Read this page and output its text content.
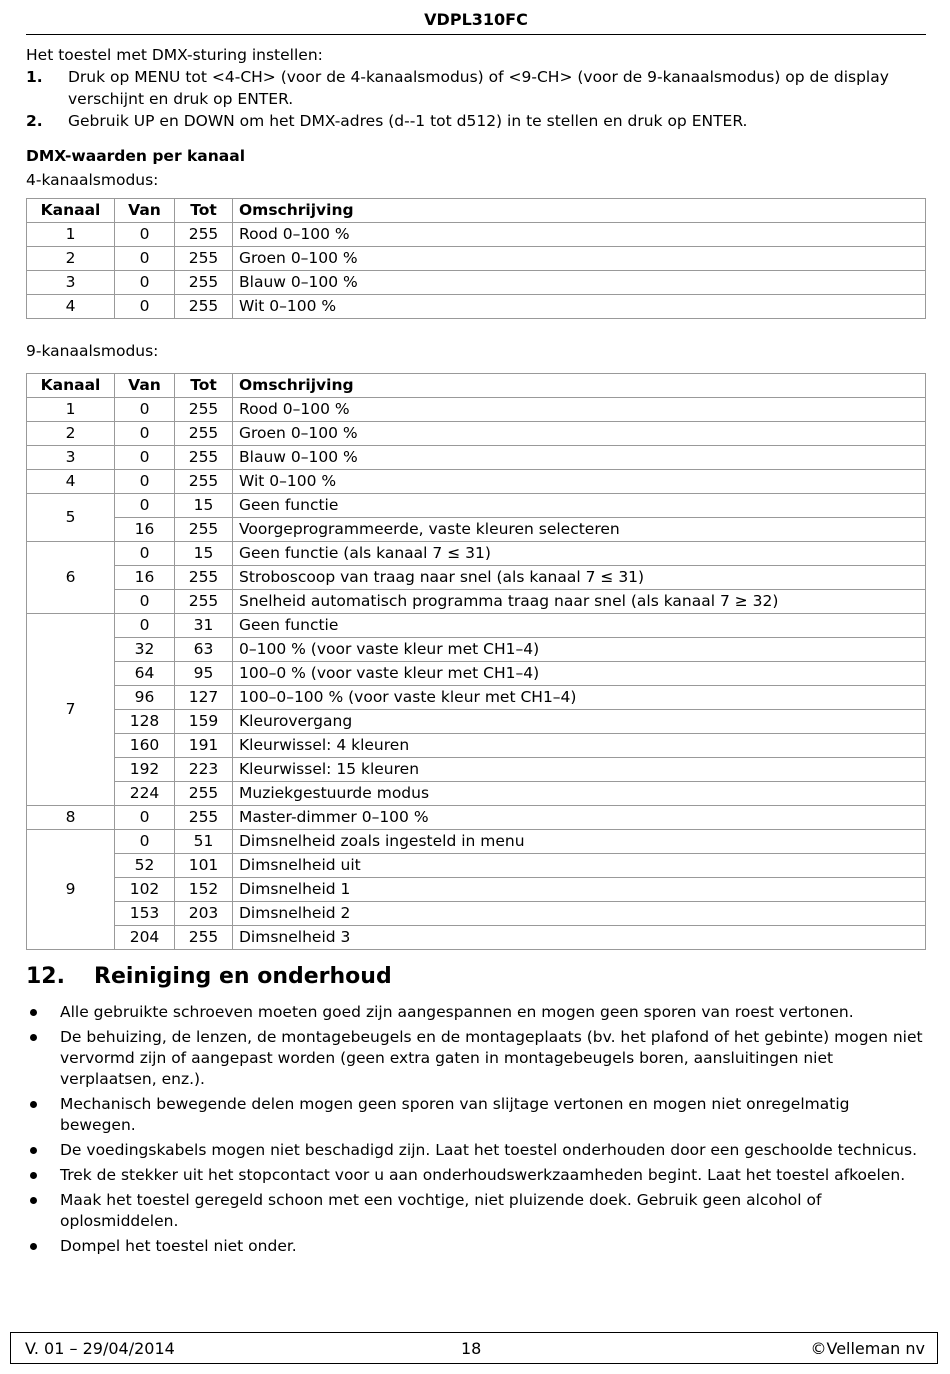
VDPL310FC

Het toestel met DMX-sturing instellen:

1. Druk op MENU tot <4-CH> (voor de 4-kanaalsmodus) of <9-CH> (voor de 9-kanaalsmodus) op de display verschijnt en druk op ENTER.
2. Gebruik UP en DOWN om het DMX-adres (d--1 tot d512) in te stellen en druk op ENTER.
DMX-waarden per kanaal

4-kanaalsmodus:

Kanaal	Van	Tot	Omschrijving
1	0	255	Rood 0–100 %
2	0	255	Groen 0–100 %
3	0	255	Blauw 0–100 %
4	0	255	Wit 0–100 %

9-kanaalsmodus:

Kanaal	Van	Tot	Omschrijving
1	0	255	Rood 0–100 %
2	0	255	Groen 0–100 %
3	0	255	Blauw 0–100 %
4	0	255	Wit 0–100 %
5	0	15	Geen functie
	16	255	Voorgeprogrammeerde, vaste kleuren selecteren
6	0	15	Geen functie (als kanaal 7 ≤ 31)
	16	255	Stroboscoop van traag naar snel (als kanaal 7 ≤ 31)
	0	255	Snelheid automatisch programma traag naar snel (als kanaal 7 ≥ 32)
7	0	31	Geen functie
	32	63	0–100 % (voor vaste kleur met CH1–4)
	64	95	100–0 % (voor vaste kleur met CH1–4)
	96	127	100–0–100 % (voor vaste kleur met CH1–4)
	128	159	Kleurovergang
	160	191	Kleurwissel: 4 kleuren
	192	223	Kleurwissel: 15 kleuren
	224	255	Muziekgestuurde modus
8	0	255	Master-dimmer 0–100 %
9	0	51	Dimsnelheid zoals ingesteld in menu
	52	101	Dimsnelheid uit
	102	152	Dimsnelheid 1
	153	203	Dimsnelheid 2
	204	255	Dimsnelheid 3
12. Reiniging en onderhoud
Alle gebruikte schroeven moeten goed zijn aangespannen en mogen geen sporen van roest vertonen.
De behuizing, de lenzen, de montagebeugels en de montageplaats (bv. het plafond of het gebinte) mogen niet vervormd zijn of aangepast worden (geen extra gaten in montagebeugels boren, aansluitingen niet verplaatsen, enz.).
Mechanisch bewegende delen mogen geen sporen van slijtage vertonen en mogen niet onregelmatig bewegen.
De voedingskabels mogen niet beschadigd zijn. Laat het toestel onderhouden door een geschoolde technicus.
Trek de stekker uit het stopcontact voor u aan onderhoudswerkzaamheden begint. Laat het toestel afkoelen.
Maak het toestel geregeld schoon met een vochtige, niet pluizende doek. Gebruik geen alcohol of oplosmiddelen.
Dompel het toestel niet onder.
V. 01 – 29/04/2014	18	©Velleman nv
